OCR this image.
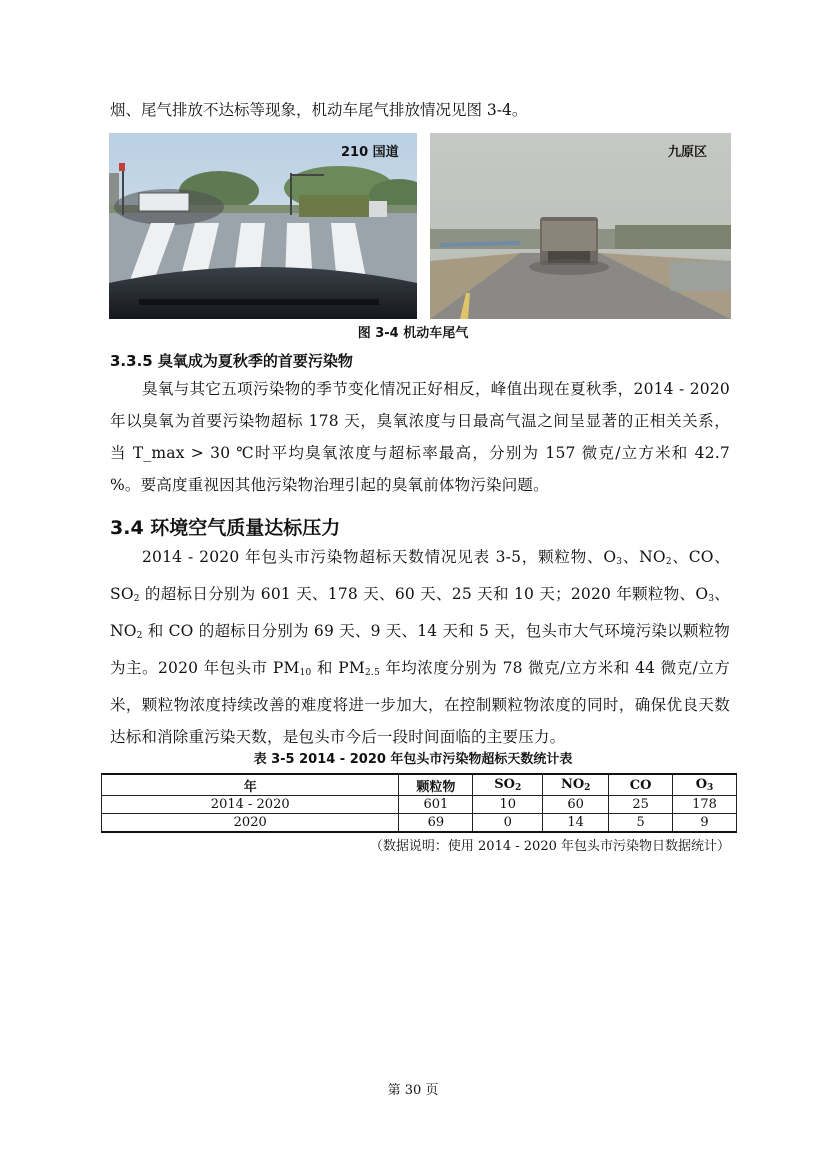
烟、尾气排放不达标等现象，机动车尾气排放情况见图 3-4。
210 国道	九原区
图 3-4 机动车尾气
3.3.5 臭氧成为夏秋季的首要污染物

臭氧与其它五项污染物的季节变化情况正好相反，峰值出现在夏秋季，2014 - 2020 年以臭氧为首要污染物超标 178 天，臭氧浓度与日最高气温之间呈显著的正相关关系，当 T_max > 30 ℃时平均臭氧浓度与超标率最高，分别为 157 微克/立方米和 42.7 %。要高度重视因其他污染物治理引起的臭氧前体物污染问题。

3.4 环境空气质量达标压力

2014 - 2020 年包头市污染物超标天数情况见表 3-5，颗粒物、$O_3$、$NO_2$、CO、$SO_2$ 的超标日分别为 601 天、178 天、60 天、25 天和 10 天；2020 年颗粒物、$O_3$、$NO_2$ 和 CO 的超标日分别为 69 天、9 天、14 天和 5 天，包头市大气环境污染以颗粒物为主。2020 年包头市 $PM_{10}$ 和 $PM_{2.5}$ 年均浓度分别为 78 微克/立方米和 44 微克/立方米，颗粒物浓度持续改善的难度将进一步加大，在控制颗粒物浓度的同时，确保优良天数达标和消除重污染天数，是包头市今后一段时间面临的主要压力。

表 3-5 2014 - 2020 年包头市污染物超标天数统计表
年	颗粒物	$SO_2$	$NO_2$	CO	$O_3$
2014 - 2020	601	10	60	25	178
2020	69	0	14	5	9
（数据说明：使用 2014 - 2020 年包头市污染物日数据统计）
第 30 页
